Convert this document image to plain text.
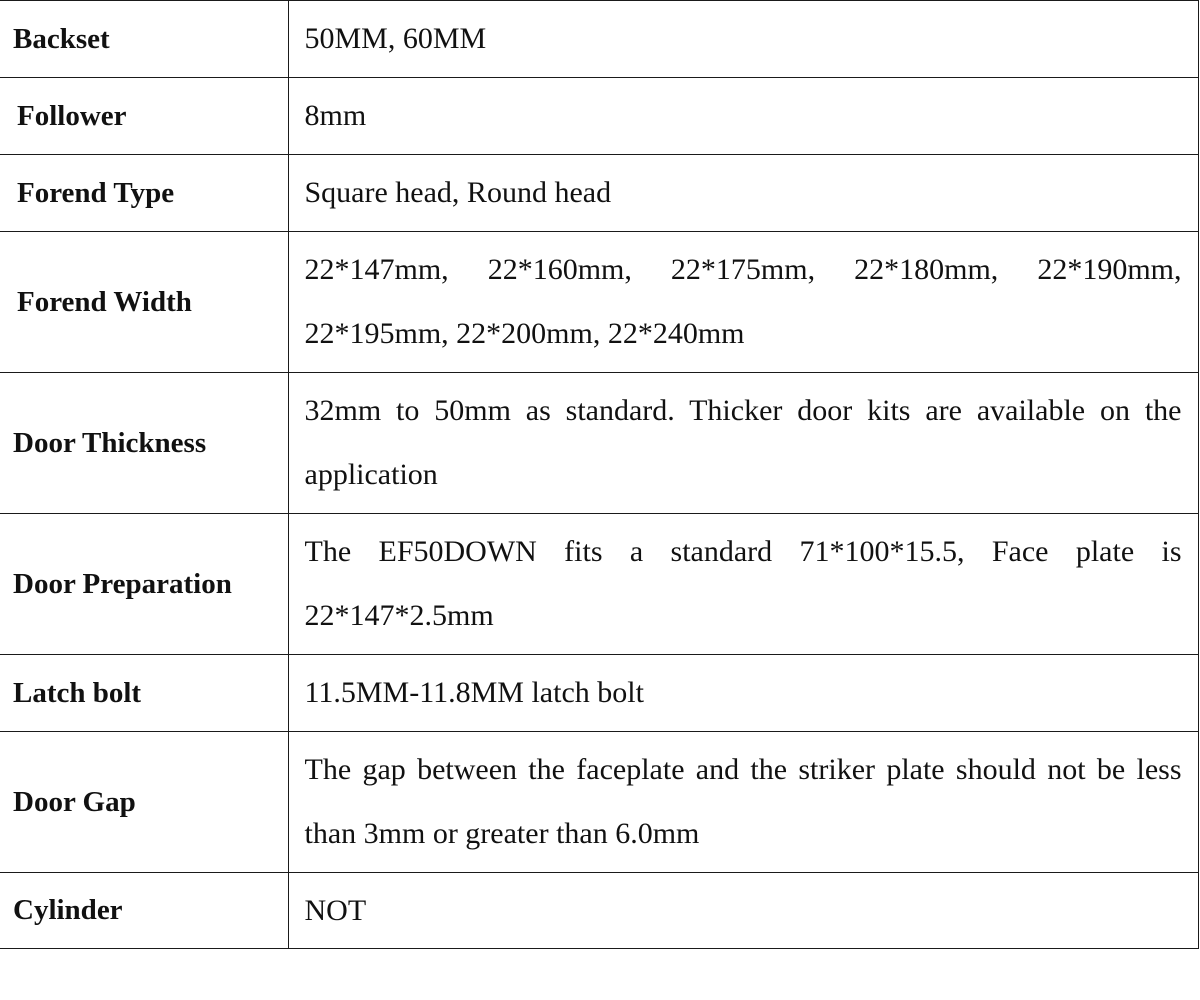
Backset	50MM, 60MM
Follower	8mm
Forend Type	Square head, Round head
Forend Width	22*147mm, 22*160mm, 22*175mm, 22*180mm, 22*190mm, 22*195mm, 22*200mm, 22*240mm
Door Thickness	32mm to 50mm as standard. Thicker door kits are available on the application
Door Preparation	The EF50DOWN fits a standard 71*100*15.5, Face plate is 22*147*2.5mm
Latch bolt	11.5MM-11.8MM latch bolt
Door Gap	The gap between the faceplate and the striker plate should not be less than 3mm or greater than 6.0mm
Cylinder	NOT
